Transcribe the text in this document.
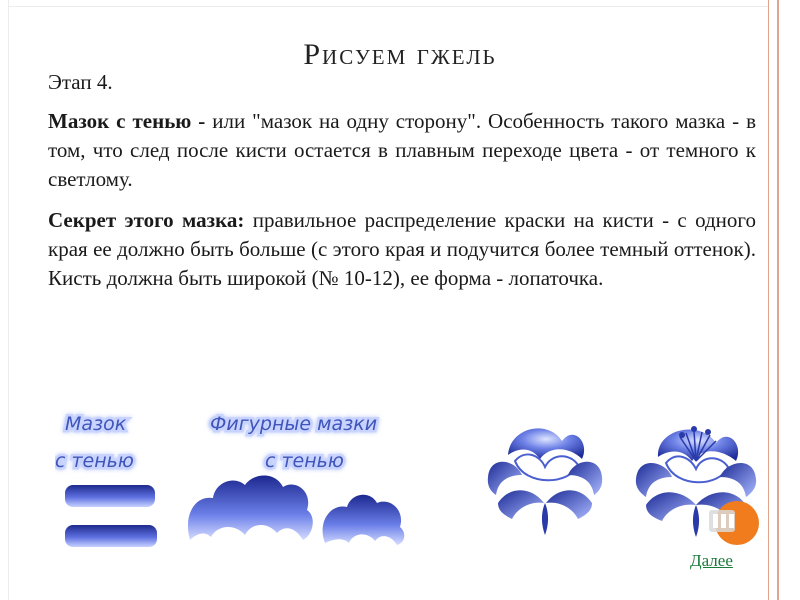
Рисуем гжель
Этап 4.

Мазок с тенью - или "мазок на одну сторону". Особенность такого мазка - в том, что след после кисти остается в плавным переходе цвета - от темного к светлому.

Секрет этого мазка: правильное распределение краски на кисти - с одного края ее должно быть больше (с этого края и подучится более темный оттенок). Кисть должна быть широкой (№ 10-12), ее форма - лопаточка.

Мазок
с тенью
Фигурные мазки
с тенью
Далее
